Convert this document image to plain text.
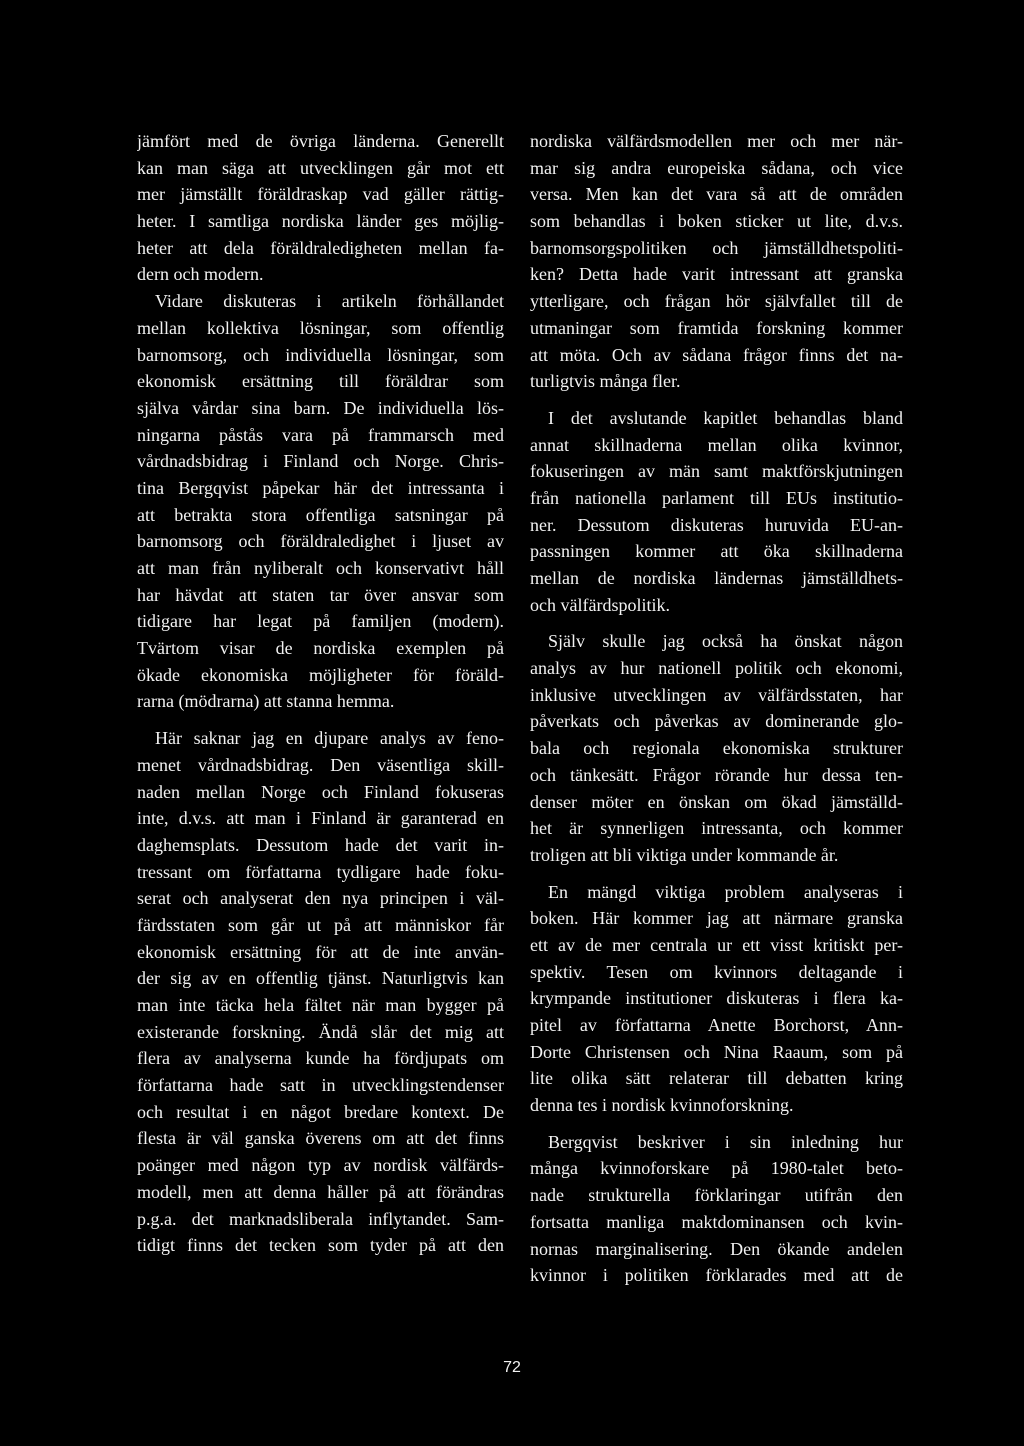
jämfört med de övriga länderna. Generellt
kan man säga att utvecklingen går mot ett
mer jämställt föräldraskap vad gäller rättig-
heter. I samtliga nordiska länder ges möjlig-
heter att dela föräldraledigheten mellan fa-
dern och modern.
Vidare diskuteras i artikeln förhållandet
mellan kollektiva lösningar, som offentlig
barnomsorg, och individuella lösningar, som
ekonomisk ersättning till föräldrar som
själva vårdar sina barn. De individuella lös-
ningarna påstås vara på frammarsch med
vårdnadsbidrag i Finland och Norge. Chris-
tina Bergqvist påpekar här det intressanta i
att betrakta stora offentliga satsningar på
barnomsorg och föräldraledighet i ljuset av
att man från nyliberalt och konservativt håll
har hävdat att staten tar över ansvar som
tidigare har legat på familjen (modern).
Tvärtom visar de nordiska exemplen på
ökade ekonomiska möjligheter för föräld-
rarna (mödrarna) att stanna hemma.
Här saknar jag en djupare analys av feno-
menet vårdnadsbidrag. Den väsentliga skill-
naden mellan Norge och Finland fokuseras
inte, d.v.s. att man i Finland är garanterad en
daghemsplats. Dessutom hade det varit in-
tressant om författarna tydligare hade foku-
serat och analyserat den nya principen i väl-
färdsstaten som går ut på att människor får
ekonomisk ersättning för att de inte använ-
der sig av en offentlig tjänst. Naturligtvis kan
man inte täcka hela fältet när man bygger på
existerande forskning. Ändå slår det mig att
flera av analyserna kunde ha fördjupats om
författarna hade satt in utvecklingstendenser
och resultat i en något bredare kontext. De
flesta är väl ganska överens om att det finns
poänger med någon typ av nordisk välfärds-
modell, men att denna håller på att förändras
p.g.a. det marknadsliberala inflytandet. Sam-
tidigt finns det tecken som tyder på att den
nordiska välfärdsmodellen mer och mer när-
mar sig andra europeiska sådana, och vice
versa. Men kan det vara så att de områden
som behandlas i boken sticker ut lite, d.v.s.
barnomsorgspolitiken och jämställdhetspoliti-
ken? Detta hade varit intressant att granska
ytterligare, och frågan hör självfallet till de
utmaningar som framtida forskning kommer
att möta. Och av sådana frågor finns det na-
turligtvis många fler.
I det avslutande kapitlet behandlas bland
annat skillnaderna mellan olika kvinnor,
fokuseringen av män samt maktförskjutningen
från nationella parlament till EUs institutio-
ner. Dessutom diskuteras huruvida EU-an-
passningen kommer att öka skillnaderna
mellan de nordiska ländernas jämställdhets-
och välfärdspolitik.
Själv skulle jag också ha önskat någon
analys av hur nationell politik och ekonomi,
inklusive utvecklingen av välfärdsstaten, har
påverkats och påverkas av dominerande glo-
bala och regionala ekonomiska strukturer
och tänkesätt. Frågor rörande hur dessa ten-
denser möter en önskan om ökad jämställd-
het är synnerligen intressanta, och kommer
troligen att bli viktiga under kommande år.
En mängd viktiga problem analyseras i
boken. Här kommer jag att närmare granska
ett av de mer centrala ur ett visst kritiskt per-
spektiv. Tesen om kvinnors deltagande i
krympande institutioner diskuteras i flera ka-
pitel av författarna Anette Borchorst, Ann-
Dorte Christensen och Nina Raaum, som på
lite olika sätt relaterar till debatten kring
denna tes i nordisk kvinnoforskning.
Bergqvist beskriver i sin inledning hur
många kvinnoforskare på 1980-talet beto-
nade strukturella förklaringar utifrån den
fortsatta manliga maktdominansen och kvin-
nornas marginalisering. Den ökande andelen
kvinnor i politiken förklarades med att de
72
